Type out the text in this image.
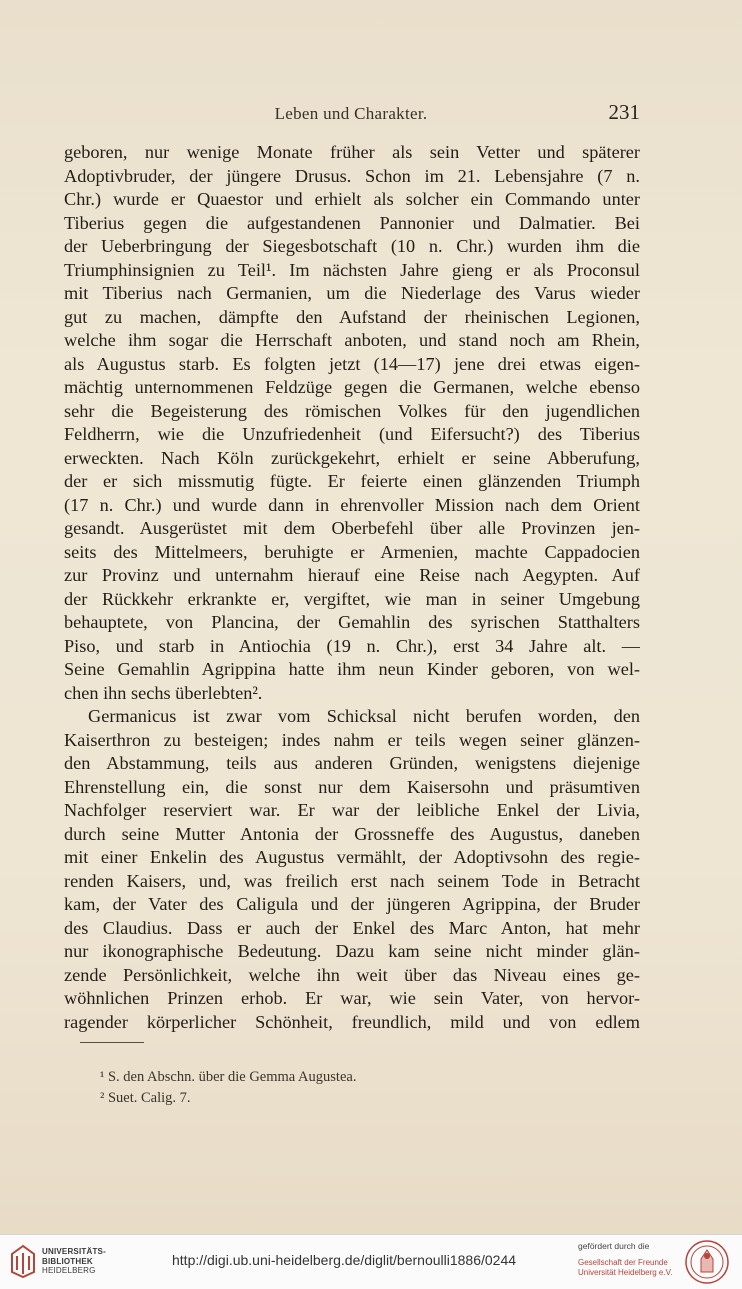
Leben und Charakter.	231
geboren, nur wenige Monate früher als sein Vetter und späterer
Adoptivbruder, der jüngere Drusus. Schon im 21. Lebensjahre (7 n.
Chr.) wurde er Quaestor und erhielt als solcher ein Commando unter
Tiberius gegen die aufgestandenen Pannonier und Dalmatier. Bei
der Ueberbringung der Siegesbotschaft (10 n. Chr.) wurden ihm die
Triumphinsignien zu Teil¹. Im nächsten Jahre gieng er als Proconsul
mit Tiberius nach Germanien, um die Niederlage des Varus wieder
gut zu machen, dämpfte den Aufstand der rheinischen Legionen,
welche ihm sogar die Herrschaft anboten, und stand noch am Rhein,
als Augustus starb. Es folgten jetzt (14—17) jene drei etwas eigen-
mächtig unternommenen Feldzüge gegen die Germanen, welche ebenso
sehr die Begeisterung des römischen Volkes für den jugendlichen
Feldherrn, wie die Unzufriedenheit (und Eifersucht?) des Tiberius
erweckten. Nach Köln zurückgekehrt, erhielt er seine Abberufung,
der er sich missmutig fügte. Er feierte einen glänzenden Triumph
(17 n. Chr.) und wurde dann in ehrenvoller Mission nach dem Orient
gesandt. Ausgerüstet mit dem Oberbefehl über alle Provinzen jen-
seits des Mittelmeers, beruhigte er Armenien, machte Cappadocien
zur Provinz und unternahm hierauf eine Reise nach Aegypten. Auf
der Rückkehr erkrankte er, vergiftet, wie man in seiner Umgebung
behauptete, von Plancina, der Gemahlin des syrischen Statthalters
Piso, und starb in Antiochia (19 n. Chr.), erst 34 Jahre alt. —
Seine Gemahlin Agrippina hatte ihm neun Kinder geboren, von wel-
chen ihn sechs überlebten².
Germanicus ist zwar vom Schicksal nicht berufen worden, den
Kaiserthron zu besteigen; indes nahm er teils wegen seiner glänzen-
den Abstammung, teils aus anderen Gründen, wenigstens diejenige
Ehrenstellung ein, die sonst nur dem Kaisersohn und präsumtiven
Nachfolger reserviert war. Er war der leibliche Enkel der Livia,
durch seine Mutter Antonia der Grossneffe des Augustus, daneben
mit einer Enkelin des Augustus vermählt, der Adoptivsohn des regie-
renden Kaisers, und, was freilich erst nach seinem Tode in Betracht
kam, der Vater des Caligula und der jüngeren Agrippina, der Bruder
des Claudius. Dass er auch der Enkel des Marc Anton, hat mehr
nur ikonographische Bedeutung. Dazu kam seine nicht minder glän-
zende Persönlichkeit, welche ihn weit über das Niveau eines ge-
wöhnlichen Prinzen erhob. Er war, wie sein Vater, von hervor-
ragender körperlicher Schönheit, freundlich, mild und von edlem
¹ S. den Abschn. über die Gemma Augustea.
² Suet. Calig. 7.
UNIVERSITÄTS-
BIBLIOTHEK
HEIDELBERG
http://digi.ub.uni-heidelberg.de/diglit/bernoulli1886/0244
gefördert durch die
Gesellschaft der Freunde
Universität Heidelberg e.V.
